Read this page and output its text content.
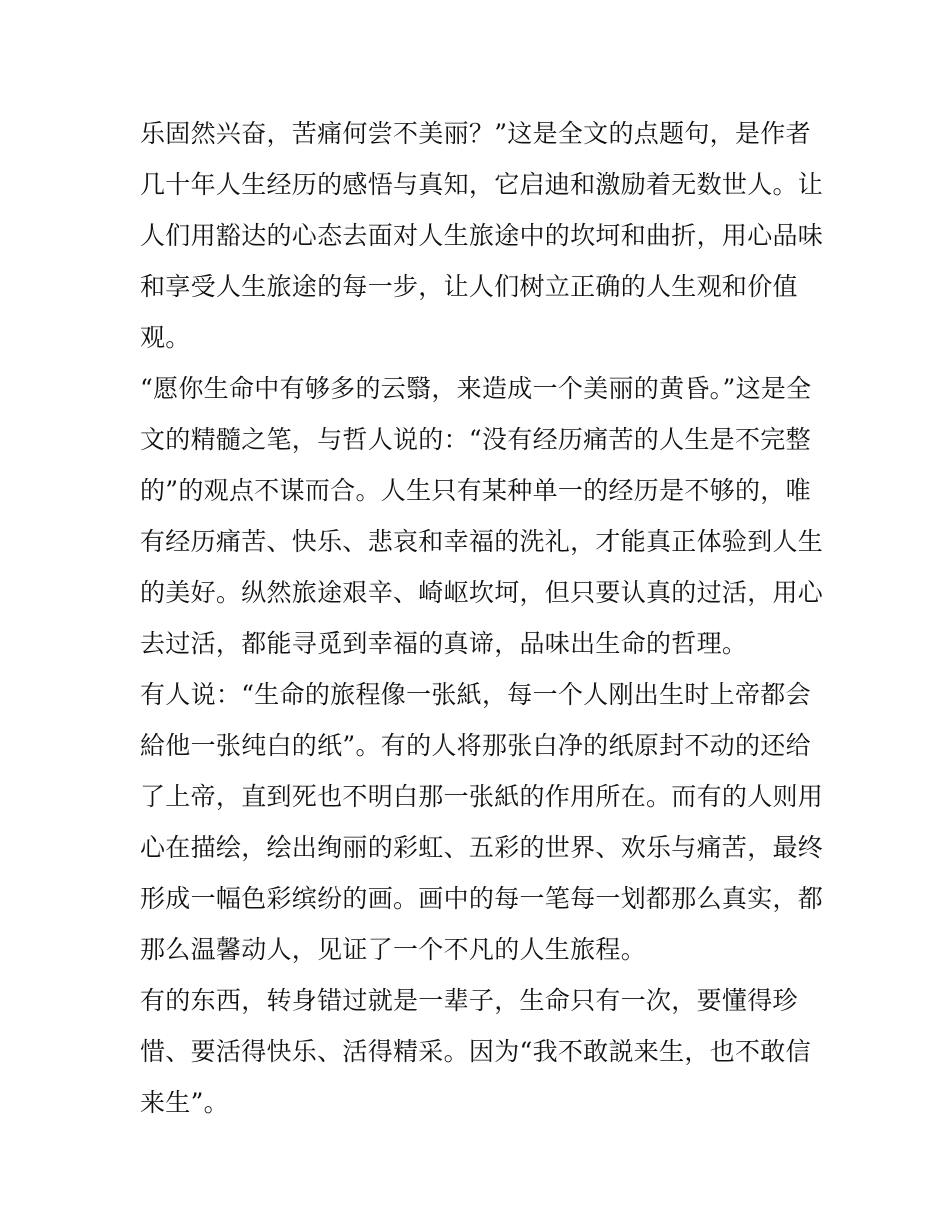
乐固然兴奋，苦痛何尝不美丽？”这是全文的点题句，是作者
几十年人生经历的感悟与真知，它启迪和激励着无数世人。让
人们用豁达的心态去面对人生旅途中的坎坷和曲折，用心品味
和享受人生旅途的每一步，让人们树立正确的人生观和价值
观。
“愿你生命中有够多的云翳，来造成一个美丽的黄昏。”这是全
文的精髓之笔，与哲人说的：“没有经历痛苦的人生是不完整
的”的观点不谋而合。人生只有某种单一的经历是不够的，唯
有经历痛苦、快乐、悲哀和幸福的洗礼，才能真正体验到人生
的美好。纵然旅途艰辛、崎岖坎坷，但只要认真的过活，用心
去过活，都能寻觅到幸福的真谛，品味出生命的哲理。
有人说：“生命的旅程像一张紙，每一个人刚出生时上帝都会
給他一张纯白的纸”。有的人将那张白净的纸原封不动的还给
了上帝，直到死也不明白那一张紙的作用所在。而有的人则用
心在描绘，绘出绚丽的彩虹、五彩的世界、欢乐与痛苦，最终
形成一幅色彩缤纷的画。画中的每一笔每一划都那么真实，都
那么温馨动人，见证了一个不凡的人生旅程。
有的东西，转身错过就是一辈子，生命只有一次，要懂得珍
惜、要活得快乐、活得精采。因为“我不敢説来生，也不敢信
来生”。
